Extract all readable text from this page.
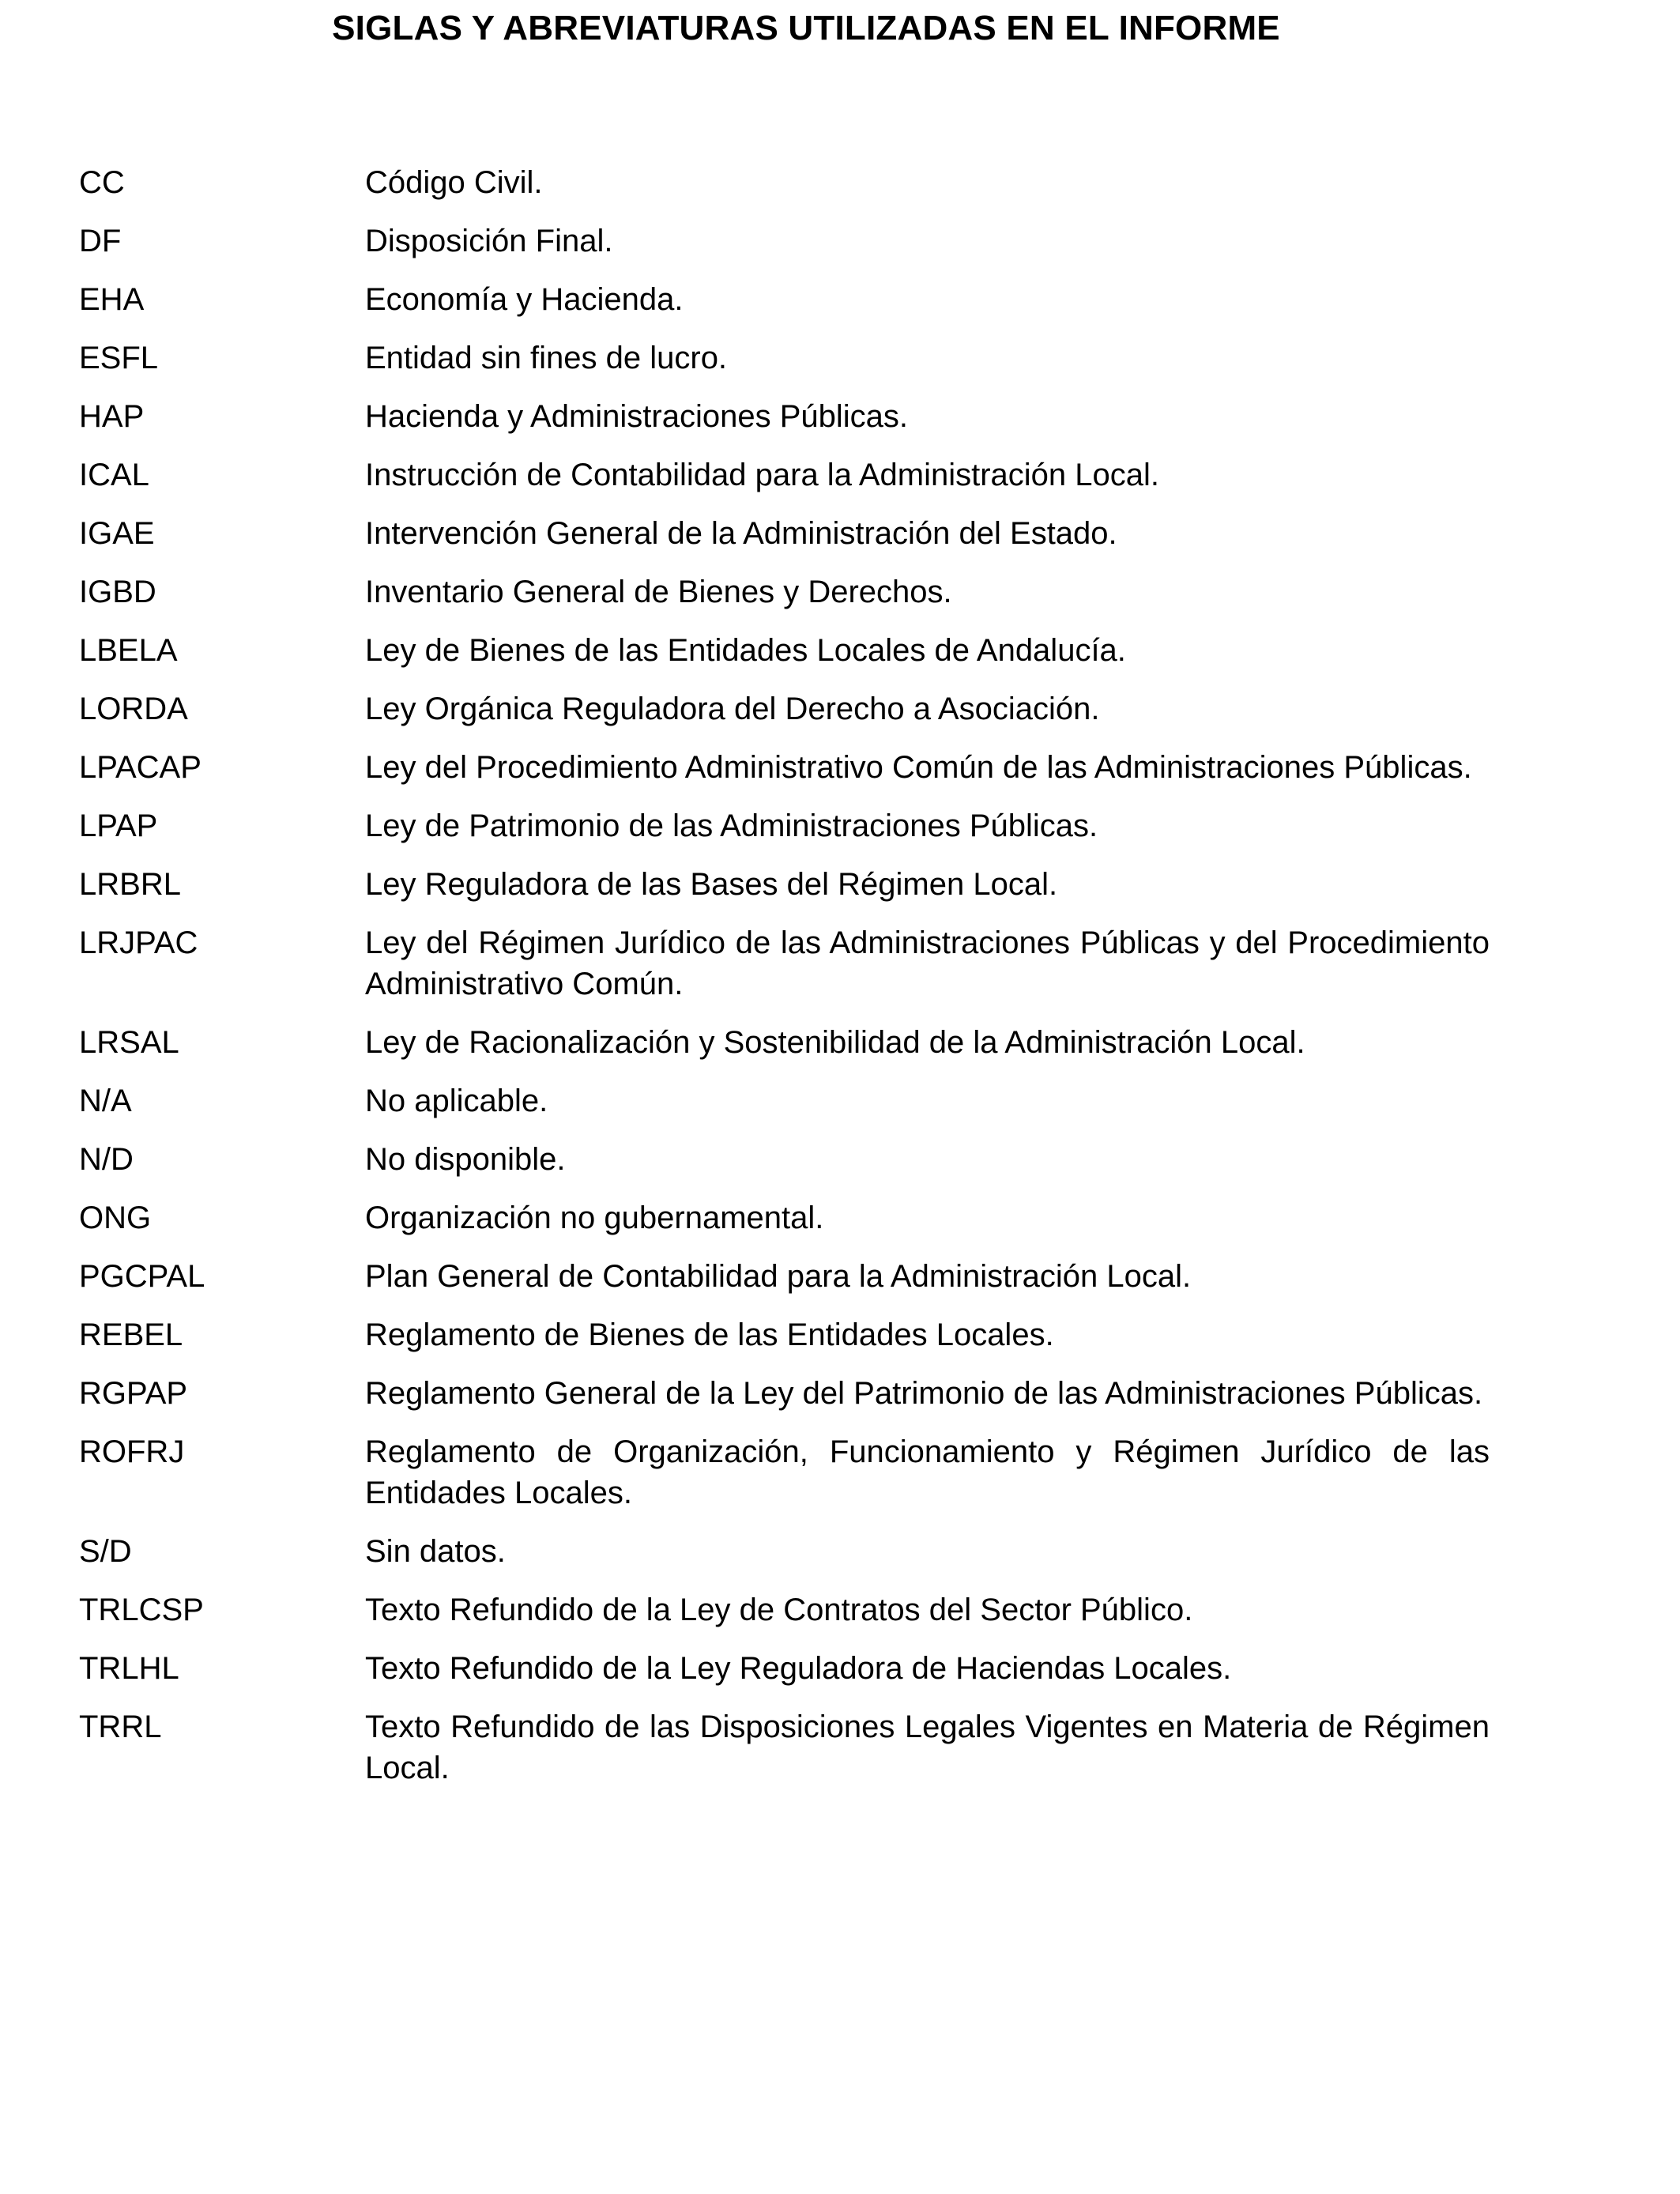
SIGLAS Y ABREVIATURAS UTILIZADAS EN EL INFORME
CC	Código Civil.
DF	Disposición Final.
EHA	Economía y Hacienda.
ESFL	Entidad sin fines de lucro.
HAP	Hacienda y Administraciones Públicas.
ICAL	Instrucción de Contabilidad para la Administración Local.
IGAE	Intervención General de la Administración del Estado.
IGBD	Inventario General de Bienes y Derechos.
LBELA	Ley de Bienes de las Entidades Locales de Andalucía.
LORDA	Ley Orgánica Reguladora del Derecho a Asociación.
LPACAP	Ley del Procedimiento Administrativo Común de las Administraciones Públicas.
LPAP	Ley de Patrimonio de las Administraciones Públicas.
LRBRL	Ley Reguladora de las Bases del Régimen Local.
LRJPAC	Ley del Régimen Jurídico de las Administraciones Públicas y del Procedimiento Administrativo Común.
LRSAL	Ley de Racionalización y Sostenibilidad de la Administración Local.
N/A	No aplicable.
N/D	No disponible.
ONG	Organización no gubernamental.
PGCPAL	Plan General de Contabilidad para la Administración Local.
REBEL	Reglamento de Bienes de las Entidades Locales.
RGPAP	Reglamento General de la Ley del Patrimonio de las Administraciones Públicas.
ROFRJ	Reglamento de Organización, Funcionamiento y Régimen Jurídico de las Entidades Locales.
S/D	Sin datos.
TRLCSP	Texto Refundido de la Ley de Contratos del Sector Público.
TRLHL	Texto Refundido de la Ley Reguladora de Haciendas Locales.
TRRL	Texto Refundido de las Disposiciones Legales Vigentes en Materia de Régimen Local.
